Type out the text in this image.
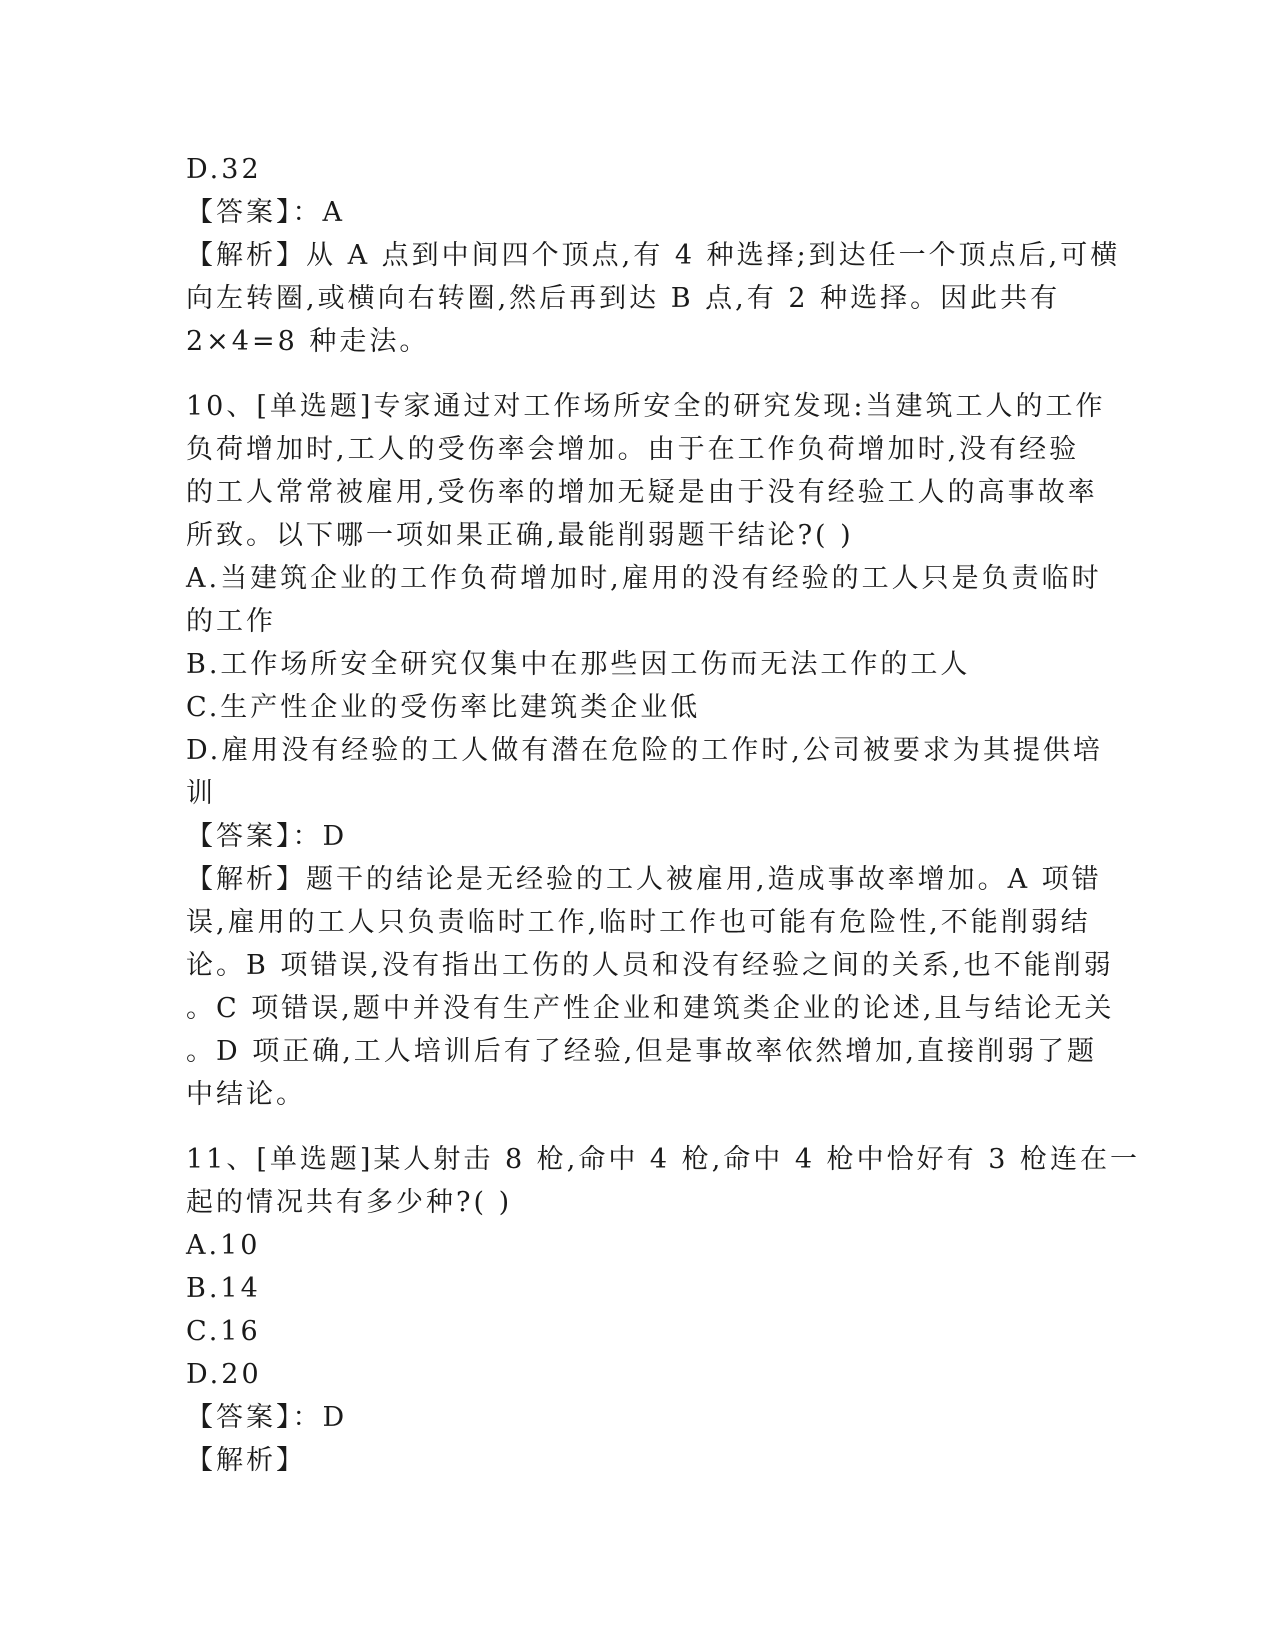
D.32
【答案】：A
【解析】从 A 点到中间四个顶点,有 4 种选择;到达任一个顶点后,可横
向左转圈,或横向右转圈,然后再到达 B 点,有 2 种选择。因此共有
2×4=8 种走法。
10、[单选题]专家通过对工作场所安全的研究发现:当建筑工人的工作
负荷增加时,工人的受伤率会增加。由于在工作负荷增加时,没有经验
的工人常常被雇用,受伤率的增加无疑是由于没有经验工人的高事故率
所致。以下哪一项如果正确,最能削弱题干结论?( )
A.当建筑企业的工作负荷增加时,雇用的没有经验的工人只是负责临时
的工作
B.工作场所安全研究仅集中在那些因工伤而无法工作的工人
C.生产性企业的受伤率比建筑类企业低
D.雇用没有经验的工人做有潜在危险的工作时,公司被要求为其提供培
训
【答案】：D
【解析】题干的结论是无经验的工人被雇用,造成事故率增加。A 项错
误,雇用的工人只负责临时工作,临时工作也可能有危险性,不能削弱结
论。B 项错误,没有指出工伤的人员和没有经验之间的关系,也不能削弱
。C 项错误,题中并没有生产性企业和建筑类企业的论述,且与结论无关
。D 项正确,工人培训后有了经验,但是事故率依然增加,直接削弱了题
中结论。
11、[单选题]某人射击 8 枪,命中 4 枪,命中 4 枪中恰好有 3 枪连在一
起的情况共有多少种?( )
A.10
B.14
C.16
D.20
【答案】：D
【解析】
